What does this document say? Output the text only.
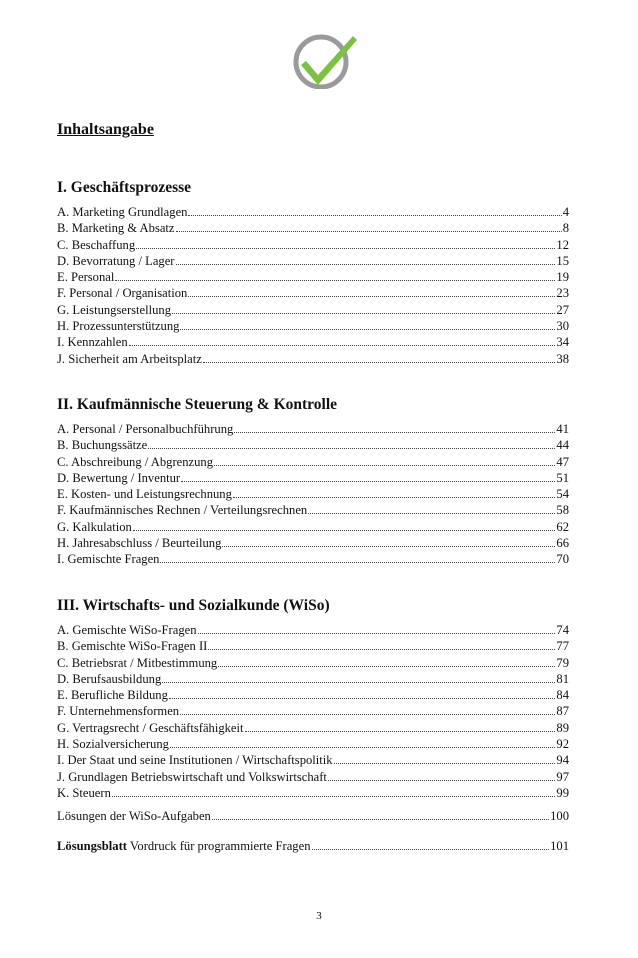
Inhaltsangabe
I. Geschäftsprozesse
A. Marketing Grundlagen	4
B. Marketing & Absatz	8
C. Beschaffung	12
D. Bevorratung / Lager	15
E. Personal	19
F. Personal / Organisation	23
G. Leistungserstellung	27
H. Prozessunterstützung	30
I. Kennzahlen	34
J. Sicherheit am Arbeitsplatz	38
II. Kaufmännische Steuerung & Kontrolle
A. Personal / Personalbuchführung	41
B. Buchungssätze	44
C. Abschreibung / Abgrenzung	47
D. Bewertung / Inventur	51
E. Kosten- und Leistungsrechnung	54
F. Kaufmännisches Rechnen / Verteilungsrechnen	58
G. Kalkulation	62
H. Jahresabschluss / Beurteilung	66
I. Gemischte Fragen	70
III. Wirtschafts- und Sozialkunde (WiSo)
A. Gemischte WiSo-Fragen	74
B. Gemischte WiSo-Fragen II	77
C. Betriebsrat / Mitbestimmung	79
D. Berufsausbildung	81
E. Berufliche Bildung	84
F. Unternehmensformen	87
G. Vertragsrecht / Geschäftsfähigkeit	89
H. Sozialversicherung	92
I. Der Staat und seine Institutionen / Wirtschaftspolitik	94
J. Grundlagen Betriebswirtschaft und Volkswirtschaft	97
K. Steuern	99
Lösungen der WiSo-Aufgaben	100
Lösungsblatt Vordruck für programmierte Fragen	101
3
